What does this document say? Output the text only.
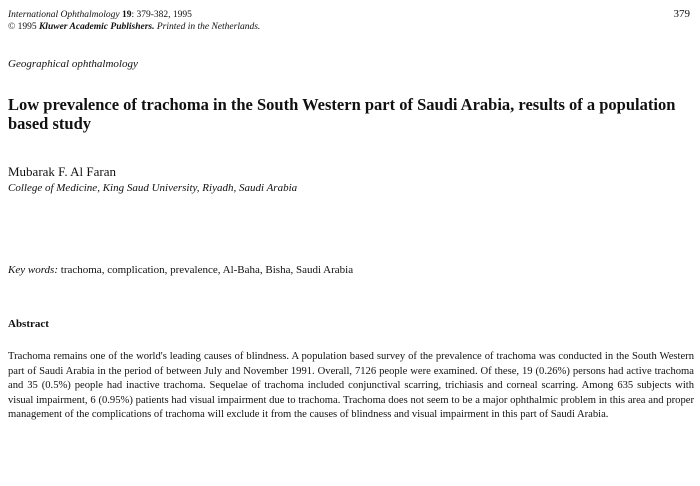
International Ophthalmology 19: 379-382, 1995
© 1995 Kluwer Academic Publishers. Printed in the Netherlands.
379
Geographical ophthalmology
Low prevalence of trachoma in the South Western part of Saudi Arabia, results of a population based study
Mubarak F. Al Faran
College of Medicine, King Saud University, Riyadh, Saudi Arabia
Key words: trachoma, complication, prevalence, Al-Baha, Bisha, Saudi Arabia
Abstract

Trachoma remains one of the world's leading causes of blindness. A population based survey of the prevalence of trachoma was conducted in the South Western part of Saudi Arabia in the period of between July and November 1991. Overall, 7126 people were examined. Of these, 19 (0.26%) persons had active trachoma and 35 (0.5%) people had inactive trachoma. Sequelae of trachoma included conjunctival scarring, trichiasis and corneal scarring. Among 635 subjects with visual impairment, 6 (0.95%) patients had visual impairment due to trachoma. Trachoma does not seem to be a major ophthalmic problem in this area and proper management of the complications of trachoma will exclude it from the causes of blindness and visual impairment in this part of Saudi Arabia.
